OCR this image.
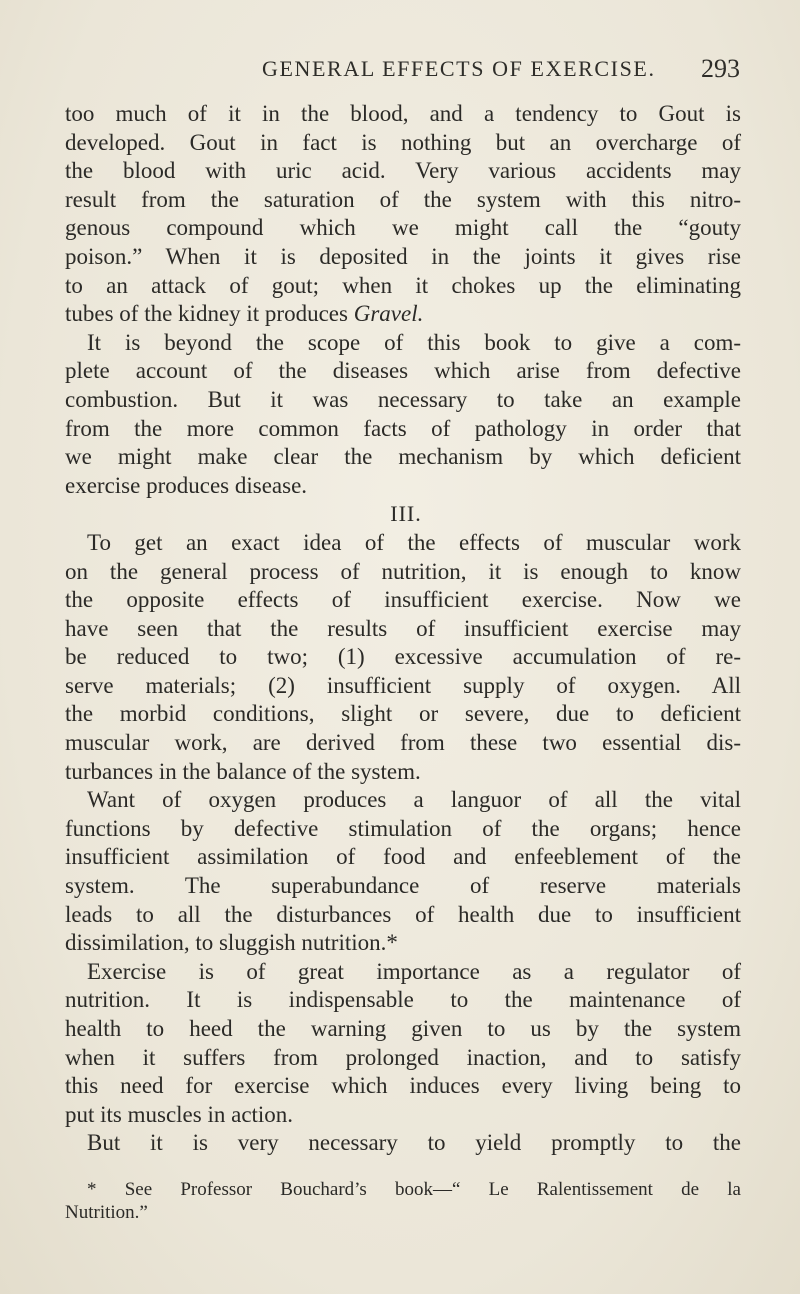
GENERAL EFFECTS OF EXERCISE. 293
too much of it in the blood, and a tendency to Gout is
developed. Gout in fact is nothing but an overcharge of
the blood with uric acid. Very various accidents may
result from the saturation of the system with this nitro-
genous compound which we might call the “gouty
poison.” When it is deposited in the joints it gives rise
to an attack of gout; when it chokes up the eliminating
tubes of the kidney it produces Gravel.
It is beyond the scope of this book to give a com-
plete account of the diseases which arise from defective
combustion. But it was necessary to take an example
from the more common facts of pathology in order that
we might make clear the mechanism by which deficient
exercise produces disease.
III.
To get an exact idea of the effects of muscular work
on the general process of nutrition, it is enough to know
the opposite effects of insufficient exercise. Now we
have seen that the results of insufficient exercise may
be reduced to two; (1) excessive accumulation of re-
serve materials; (2) insufficient supply of oxygen. All
the morbid conditions, slight or severe, due to deficient
muscular work, are derived from these two essential dis-
turbances in the balance of the system.
Want of oxygen produces a languor of all the vital
functions by defective stimulation of the organs; hence
insufficient assimilation of food and enfeeblement of the
system. The superabundance of reserve materials
leads to all the disturbances of health due to insufficient
dissimilation, to sluggish nutrition.*
Exercise is of great importance as a regulator of
nutrition. It is indispensable to the maintenance of
health to heed the warning given to us by the system
when it suffers from prolonged inaction, and to satisfy
this need for exercise which induces every living being to
put its muscles in action.
But it is very necessary to yield promptly to the
* See Professor Bouchard’s book—“ Le Ralentissement de la
Nutrition.”
